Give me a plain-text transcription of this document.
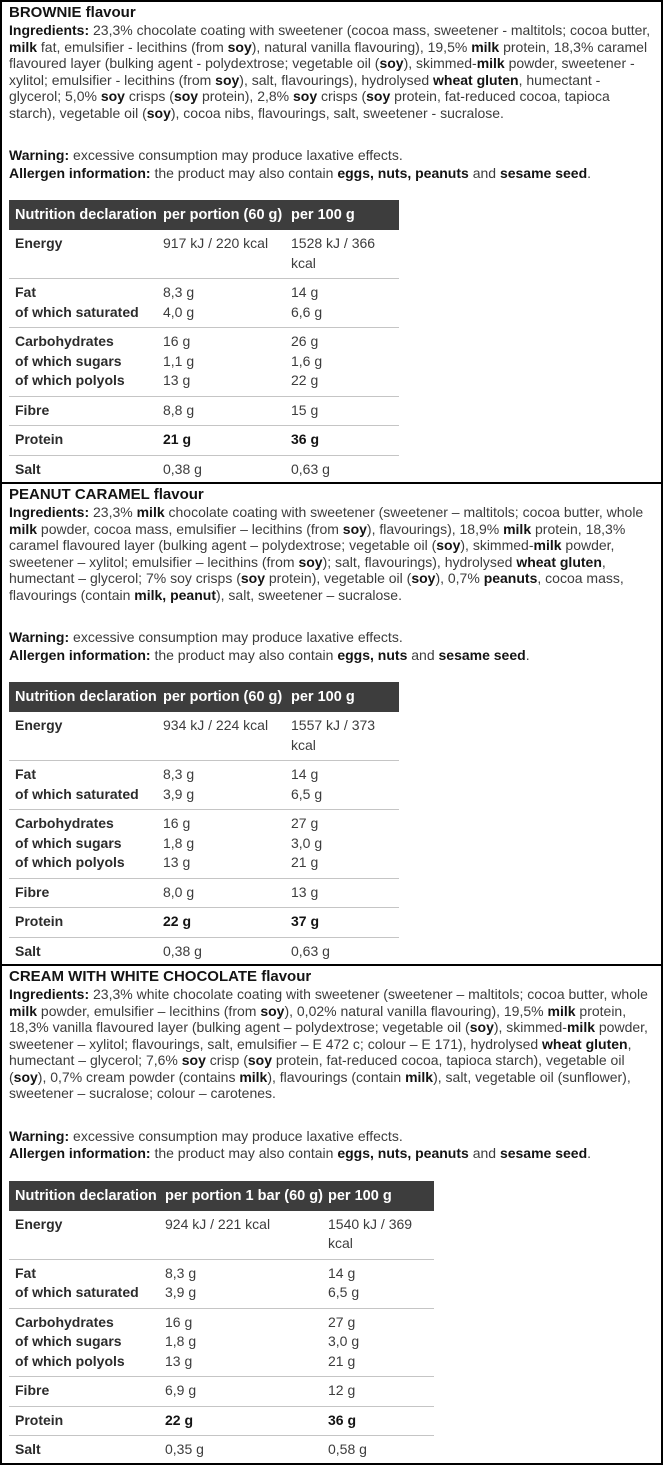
BROWNIE flavour

Ingredients: 23,3% chocolate coating with sweetener (cocoa mass, sweetener - maltitols; cocoa butter, milk fat, emulsifier - lecithins (from soy), natural vanilla flavouring), 19,5% milk protein, 18,3% caramel flavoured layer (bulking agent - polydextrose; vegetable oil (soy), skimmed-milk powder, sweetener - xylitol; emulsifier - lecithins (from soy), salt, flavourings), hydrolysed wheat gluten, humectant - glycerol; 5,0% soy crisps (soy protein), 2,8% soy crisps (soy protein, fat-reduced cocoa, tapioca starch), vegetable oil (soy), cocoa nibs, flavourings, salt, sweetener - sucralose.

Warning: excessive consumption may produce laxative effects.

Allergen information: the product may also contain eggs, nuts, peanuts and sesame seed.

Nutrition declaration per portion (60 g) per 100 g
Energy	917 kJ / 220 kcal	1528 kJ / 366 kcal
Fat	8,3 g	14 g
of which saturated	4,0 g	6,6 g
Carbohydrates	16 g	26 g
of which sugars	1,1 g	1,6 g
of which polyols	13 g	22 g
Fibre	8,8 g	15 g
Protein	21 g	36 g
Salt	0,38 g	0,63 g
PEANUT CARAMEL flavour

Ingredients: 23,3% milk chocolate coating with sweetener (sweetener – maltitols; cocoa butter, whole milk powder, cocoa mass, emulsifier – lecithins (from soy), flavourings), 18,9% milk protein, 18,3% caramel flavoured layer (bulking agent – polydextrose; vegetable oil (soy), skimmed-milk powder, sweetener – xylitol; emulsifier – lecithins (from soy); salt, flavourings), hydrolysed wheat gluten, humectant – glycerol; 7% soy crisps (soy protein), vegetable oil (soy), 0,7% peanuts, cocoa mass, flavourings (contain milk, peanut), salt, sweetener – sucralose.

Warning: excessive consumption may produce laxative effects.

Allergen information: the product may also contain eggs, nuts and sesame seed.

Nutrition declaration per portion (60 g) per 100 g
Energy	934 kJ / 224 kcal	1557 kJ / 373 kcal
Fat	8,3 g	14 g
of which saturated	3,9 g	6,5 g
Carbohydrates	16 g	27 g
of which sugars	1,8 g	3,0 g
of which polyols	13 g	21 g
Fibre	8,0 g	13 g
Protein	22 g	37 g
Salt	0,38 g	0,63 g
CREAM WITH WHITE CHOCOLATE flavour

Ingredients: 23,3% white chocolate coating with sweetener (sweetener – maltitols; cocoa butter, whole milk powder, emulsifier – lecithins (from soy), 0,02% natural vanilla flavouring), 19,5% milk protein, 18,3% vanilla flavoured layer (bulking agent – polydextrose; vegetable oil (soy), skimmed-milk powder, sweetener – xylitol; flavourings, salt, emulsifier – E 472 c; colour – E 171), hydrolysed wheat gluten, humectant – glycerol; 7,6% soy crisp (soy protein, fat-reduced cocoa, tapioca starch), vegetable oil (soy), 0,7% cream powder (contains milk), flavourings (contain milk), salt, vegetable oil (sunflower), sweetener – sucralose; colour – carotenes.

Warning: excessive consumption may produce laxative effects.

Allergen information: the product may also contain eggs, nuts, peanuts and sesame seed.

Nutrition declaration per portion 1 bar (60 g) per 100 g
Energy	924 kJ / 221 kcal	1540 kJ / 369 kcal
Fat	8,3 g	14 g
of which saturated	3,9 g	6,5 g
Carbohydrates	16 g	27 g
of which sugars	1,8 g	3,0 g
of which polyols	13 g	21 g
Fibre	6,9 g	12 g
Protein	22 g	36 g
Salt	0,35 g	0,58 g
